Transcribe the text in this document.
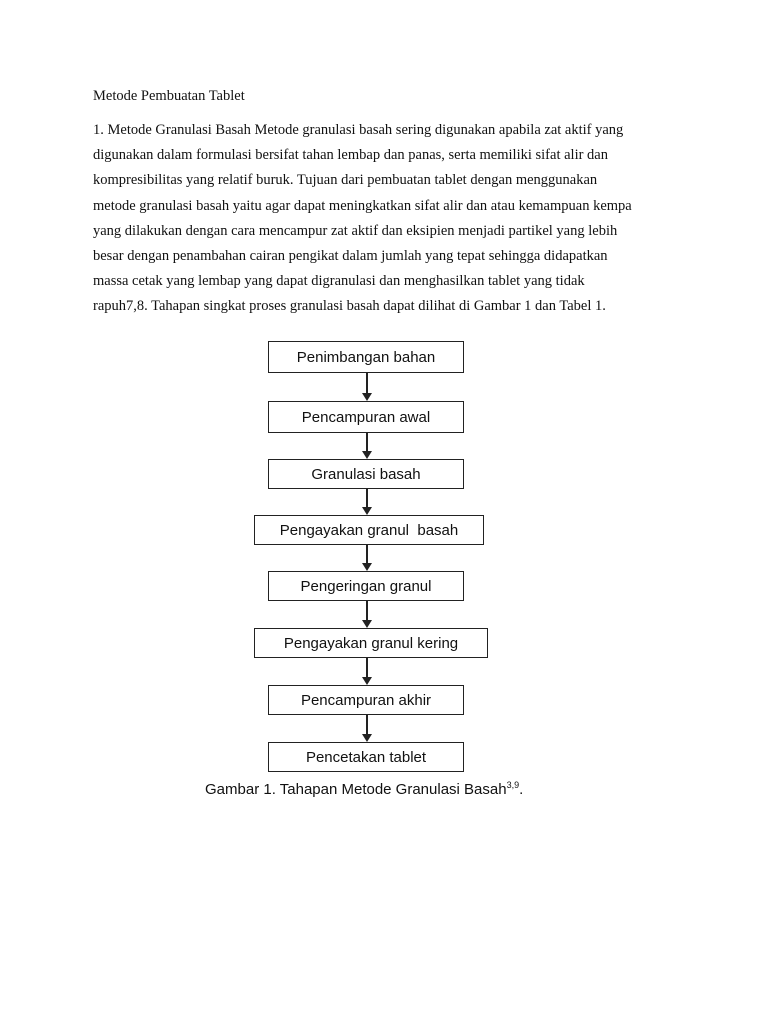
Metode Pembuatan Tablet
1. Metode Granulasi Basah Metode granulasi basah sering digunakan apabila zat aktif yang
digunakan dalam formulasi bersifat tahan lembap dan panas, serta memiliki sifat alir dan
kompresibilitas yang relatif buruk. Tujuan dari pembuatan tablet dengan menggunakan
metode granulasi basah yaitu agar dapat meningkatkan sifat alir dan atau kemampuan kempa
yang dilakukan dengan cara mencampur zat aktif dan eksipien menjadi partikel yang lebih
besar dengan penambahan cairan pengikat dalam jumlah yang tepat sehingga didapatkan
massa cetak yang lembap yang dapat digranulasi dan menghasilkan tablet yang tidak
rapuh7,8. Tahapan singkat proses granulasi basah dapat dilihat di Gambar 1 dan Tabel 1.
Penimbangan bahan
Pencampuran awal
Granulasi basah
Pengayakan granul  basah
Pengeringan granul
Pengayakan granul kering
Pencampuran akhir
Pencetakan tablet
Gambar 1. Tahapan Metode Granulasi Basah$^{3,9}$.
